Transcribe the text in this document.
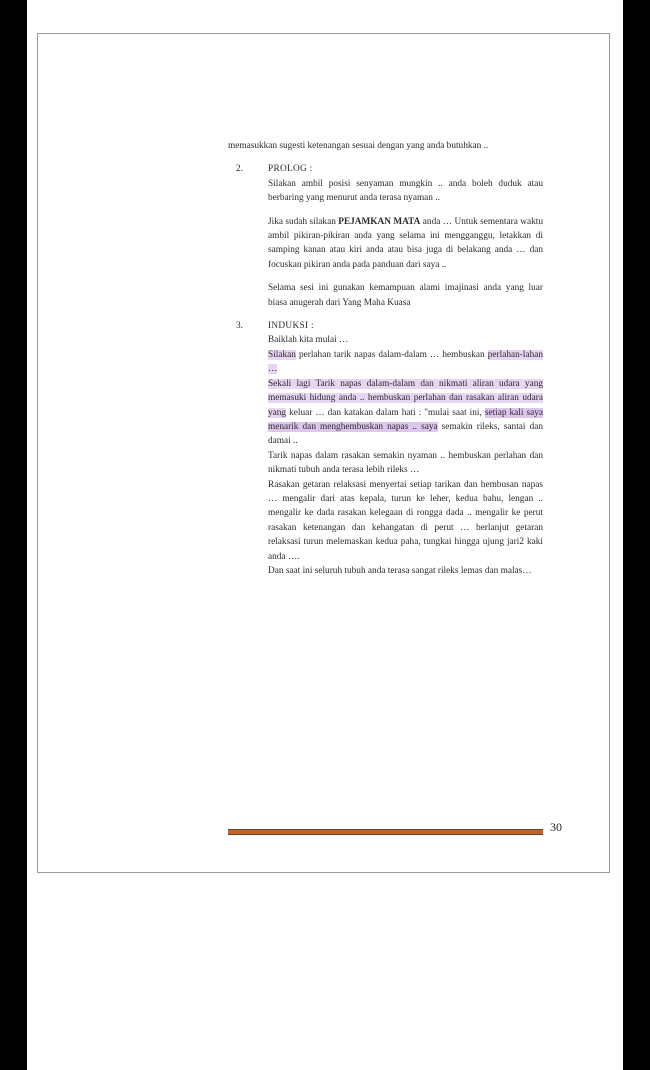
memasukkan sugesti ketenangan sesuai dengan yang anda butuhkan ..

2.	PROLOG :

Silakan ambil posisi senyaman mungkin .. anda boleh duduk atau berbaring yang menurut anda terasa nyaman ..

Jika sudah silakan PEJAMKAN MATA anda … Untuk sementara waktu ambil pikiran-pikiran anda yang selama ini mengganggu, letakkan di samping kanan atau kiri anda atau bisa juga di belakang anda … dan focuskan pikiran anda pada panduan dari saya ..

Selama sesi ini gunakan kemampuan alami imajinasi anda yang luar biasa anugerah dari Yang Maha Kuasa

3.	INDUKSI :

Baiklah kita mulai …

Silakan perlahan tarik napas dalam-dalam … hembuskan perlahan-lahan …

Sekali lagi Tarik napas dalam-dalam dan nikmati aliran udara yang memasuki hidung anda .. hembuskan perlahan dan rasakan aliran udara yang keluar … dan katakan dalam hati : "mulai saat ini, setiap kali saya menarik dan menghembuskan napas .. saya semakin rileks, santai dan damai ..

Tarik napas dalam rasakan semakin nyaman .. hembuskan perlahan dan nikmati tubuh anda terasa lebih rileks …

Rasakan getaran relaksasi menyertai setiap tarikan dan hembusan napas … mengalir dari atas kepala, turun ke leher, kedua bahu, lengan .. mengalir ke dada rasakan kelegaan di rongga dada .. mengalir ke perut rasakan ketenangan dan kehangatan di perut … berlanjut getaran relaksasi turun melemaskan kedua paha, tungkai hingga ujung jari2 kaki anda ….

Dan saat ini seluruh tubuh anda terasa sangat rileks lemas dan malas…

30
